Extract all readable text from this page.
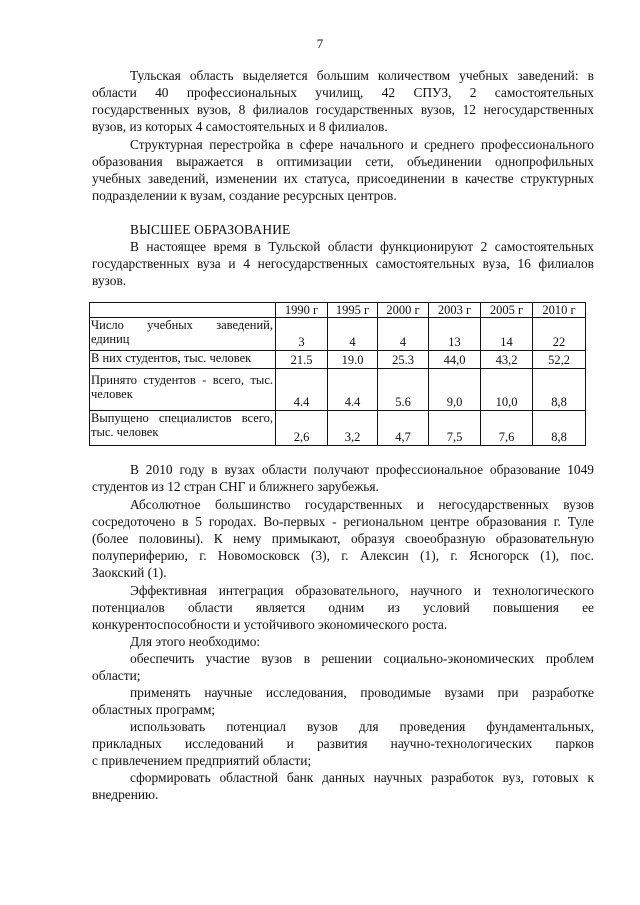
7

Тульская область выделяется большим количеством учебных заведений: в

области 40 профессиональных училищ, 42 СПУЗ, 2 самостоятельных

государственных вузов, 8 филиалов государственных вузов, 12 негосударственных

вузов, из которых 4 самостоятельных и 8 филиалов.

Структурная перестройка в сфере начального и среднего профессионального

образования выражается в оптимизации сети, объединении однопрофильных

учебных заведений, изменении их статуса, присоединении в качестве структурных

подразделении к вузам, создание ресурсных центров.

ВЫСШЕЕ ОБРАЗОВАНИЕ

В настоящее время в Тульской области функционируют 2 самостоятельных

государственных вуза и 4 негосударственных самостоятельных вуза, 16 филиалов

вузов.

	1990 г	1995 г	2000 г	2003 г	2005 г	2010 г

Число учебных заведений,
единиц	3	4	4	13	14	22
В них студентов, тыс. человек	21.5	19.0	25.3	44,0	43,2	52,2

Принято студентов - всего, тыс.
человек	4.4	4.4	5.6	9,0	10,0	8,8

Выпущено специалистов всего,
тыс. человек	2,6	3,2	4,7	7,5	7,6	8,8

В 2010 году в вузах области получают профессиональное образование 1049

студентов из 12 стран СНГ и ближнего зарубежья.

Абсолютное большинство государственных и негосударственных вузов

сосредоточено в 5 городах. Во-первых - региональном центре образования г. Туле

(более половины). К нему примыкают, образуя своеобразную образовательную

полупериферию, г. Новомосковск (3), г. Алексин (1), г. Ясногорск (1), пос.

Заокский (1).

Эффективная интеграция образовательного, научного и технологического

потенциалов области является одним из условий повышения ее

конкурентоспособности и устойчивого экономического роста.

Для этого необходимо:

обеспечить участие вузов в решении социально-экономических проблем

области;

применять научные исследования, проводимые вузами при разработке

областных программ;

использовать потенциал вузов для проведения фундаментальных,

прикладных исследований и развития научно-технологических парков

с привлечением предприятий области;

сформировать областной банк данных научных разработок вуз, готовых к

внедрению.
